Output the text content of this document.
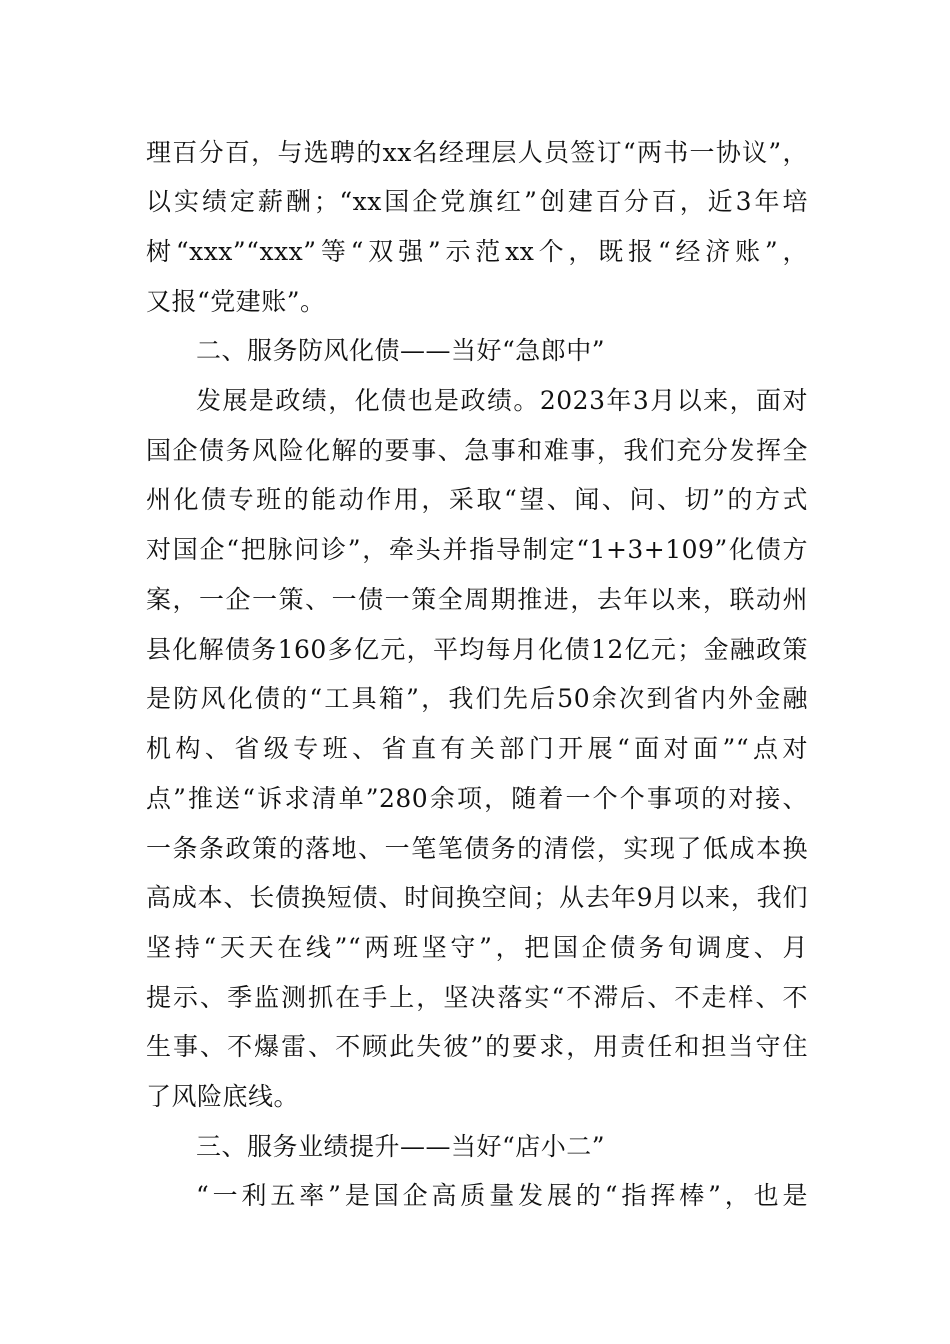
理百分百，与选聘的xx名经理层人员签订“两书一协议”，
以实绩定薪酬；“xx国企党旗红”创建百分百，近3年培
树“xxx”“xxx”等“双强”示范xx个，既报“经济账”，
又报“党建账”。
二、服务防风化债——当好“急郎中”
发展是政绩，化债也是政绩。2023年3月以来，面对
国企债务风险化解的要事、急事和难事，我们充分发挥全
州化债专班的能动作用，采取“望、闻、问、切”的方式
对国企“把脉问诊”，牵头并指导制定“1+3+109”化债方
案，一企一策、一债一策全周期推进，去年以来，联动州
县化解债务160多亿元，平均每月化债12亿元；金融政策
是防风化债的“工具箱”，我们先后50余次到省内外金融
机构、省级专班、省直有关部门开展“面对面”“点对
点”推送“诉求清单”280余项，随着一个个事项的对接、
一条条政策的落地、一笔笔债务的清偿，实现了低成本换
高成本、长债换短债、时间换空间；从去年9月以来，我们
坚持“天天在线”“两班坚守”，把国企债务旬调度、月
提示、季监测抓在手上，坚决落实“不滞后、不走样、不
生事、不爆雷、不顾此失彼”的要求，用责任和担当守住
了风险底线。
三、服务业绩提升——当好“店小二”
“一利五率”是国企高质量发展的“指挥棒”，也是
